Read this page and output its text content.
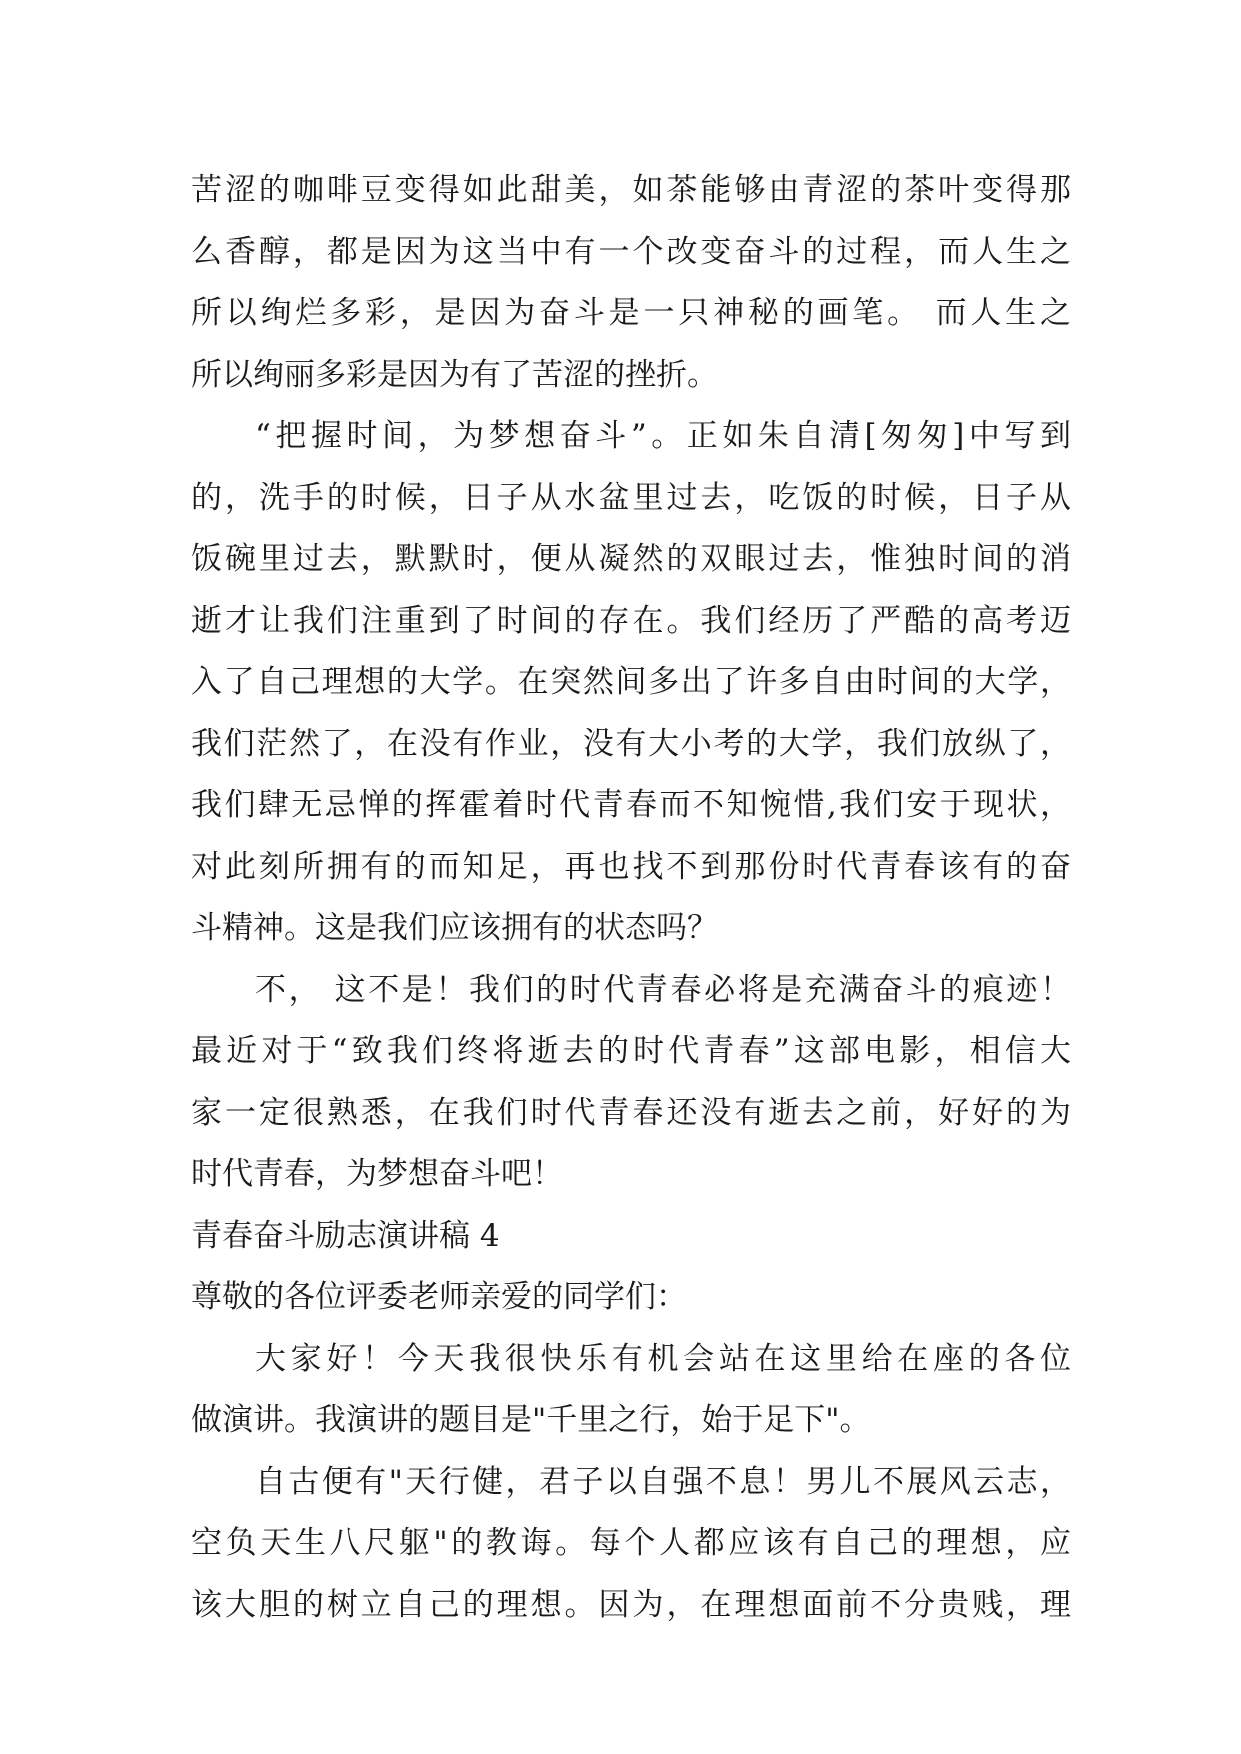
苦涩的咖啡豆变得如此甜美，如茶能够由青涩的茶叶变得那
么香醇，都是因为这当中有一个改变奋斗的过程，而人生之
所以绚烂多彩，是因为奋斗是一只神秘的画笔。 而人生之
所以绚丽多彩是因为有了苦涩的挫折。
“把握时间，为梦想奋斗”。正如朱自清[匆匆]中写到
的，洗手的时候，日子从水盆里过去，吃饭的时候，日子从
饭碗里过去，默默时，便从凝然的双眼过去，惟独时间的消
逝才让我们注重到了时间的存在。我们经历了严酷的高考迈
入了自己理想的大学。在突然间多出了许多自由时间的大学，
我们茫然了，在没有作业，没有大小考的大学，我们放纵了，
我们肆无忌惮的挥霍着时代青春而不知惋惜,我们安于现状，
对此刻所拥有的而知足，再也找不到那份时代青春该有的奋
斗精神。这是我们应该拥有的状态吗？
不， 这不是！我们的时代青春必将是充满奋斗的痕迹！
最近对于“致我们终将逝去的时代青春”这部电影，相信大
家一定很熟悉，在我们时代青春还没有逝去之前，好好的为
时代青春，为梦想奋斗吧！
青春奋斗励志演讲稿 4
尊敬的各位评委老师亲爱的同学们：
大家好！今天我很快乐有机会站在这里给在座的各位
做演讲。我演讲的题目是"千里之行，始于足下"。
自古便有"天行健，君子以自强不息！男儿不展风云志，
空负天生八尺躯"的教诲。每个人都应该有自己的理想，应
该大胆的树立自己的理想。因为，在理想面前不分贵贱，理
